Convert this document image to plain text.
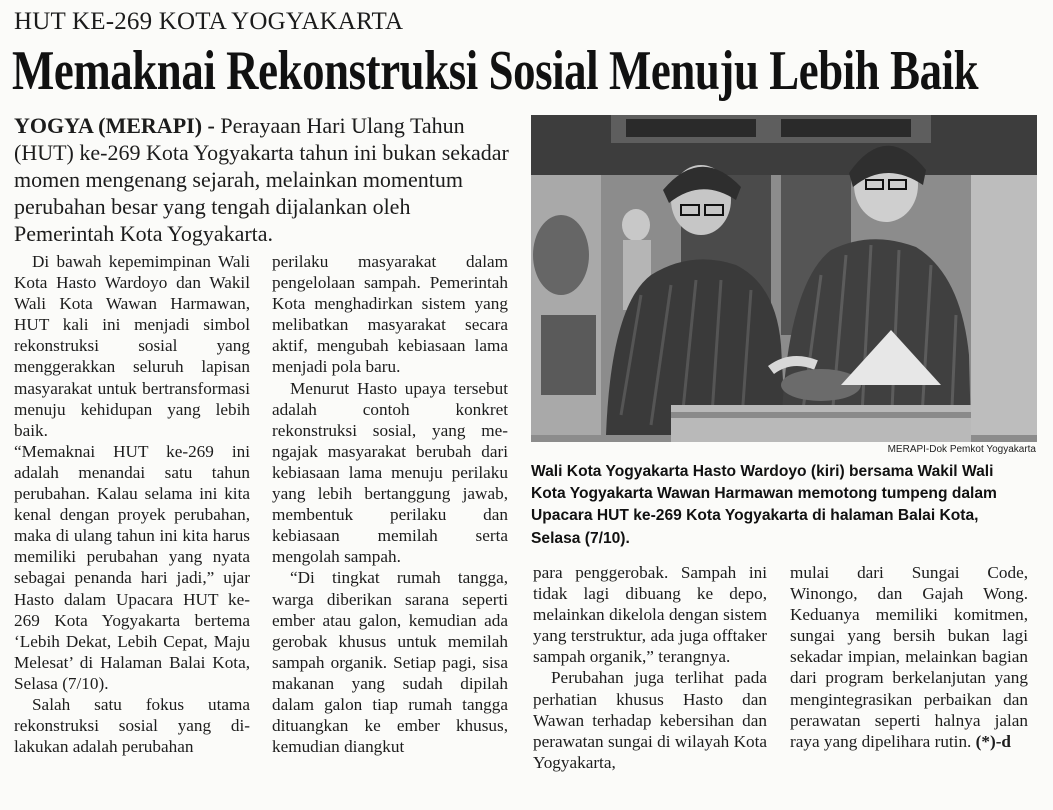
HUT KE-269 KOTA YOGYAKARTA
Memaknai Rekonstruksi Sosial Menuju Lebih Baik
YOGYA (MERAPI) - Perayaan Hari Ulang Tahun (HUT) ke-269 Kota Yogyakarta tahun ini bukan sekadar momen mengenang sejarah, melainkan momentum perubahan besar yang tengah dijalankan oleh Pemerintah Kota Yogyakarta.

Di bawah kepemimpinan Wali Kota Hasto Wardoyo dan Wakil Wali Kota Wawan Harmawan, HUT kali ini menjadi simbol rekonstruksi sosial yang menggerakkan seluruh lapisan masyarakat untuk bertransformasi menuju kehidupan yang lebih baik.

“Memaknai HUT ke-269 ini adalah menandai satu tahun perubahan. Kalau selama ini kita kenal dengan proyek perubahan, maka di ulang tahun ini kita harus memiliki perubahan yang nyata sebagai penanda hari jadi,” ujar Hasto dalam Upacara HUT ke-269 Kota Yogyakarta bertema ‘Lebih Dekat, Lebih Cepat, Maju Melesat’ di Halaman Balai Kota, Selasa (7/10).

Salah satu fokus utama rekonstruksi sosial yang dilakukan adalah perubahan

perilaku masyarakat dalam pengelolaan sampah. Pemerintah Kota menghadirkan sistem yang melibatkan masyarakat secara aktif, mengubah kebiasaan lama menjadi pola baru.

Menurut Hasto upaya tersebut adalah contoh konkret rekonstruksi sosial, yang mengajak masyarakat berubah dari kebiasaan lama menuju perilaku yang lebih bertanggung jawab, membentuk perilaku dan kebiasaan memilah serta mengolah sampah.

“Di tingkat rumah tangga, warga diberikan sarana seperti ember atau galon, kemudian ada gerobak khusus untuk memilah sampah organik. Setiap pagi, sisa makanan yang sudah dipilah dalam galon tiap rumah tangga dituangkan ke ember khusus, kemudian diangkut

para penggerobak. Sampah ini tidak lagi dibuang ke depo, melainkan dikelola dengan sistem yang terstruktur, ada juga offtaker sampah organik,” terangnya.

Perubahan juga terlihat pada perhatian khusus Hasto dan Wawan terhadap kebersihan dan perawatan sungai di wilayah Kota Yogyakarta,

mulai dari Sungai Code, Winongo, dan Gajah Wong. Keduanya memiliki komitmen, sungai yang bersih bukan lagi sekadar impian, melainkan bagian dari program berkelanjutan yang mengintegrasikan perbaikan dan perawatan seperti halnya jalan raya yang dipelihara rutin. (*)-d

MERAPI-Dok Pemkot Yogyakarta
Wali Kota Yogyakarta Hasto Wardoyo (kiri) bersama Wakil Wali Kota Yogyakarta Wawan Harmawan memotong tumpeng dalam Upacara HUT ke-269 Kota Yogyakarta di halaman Balai Kota, Selasa (7/10).
